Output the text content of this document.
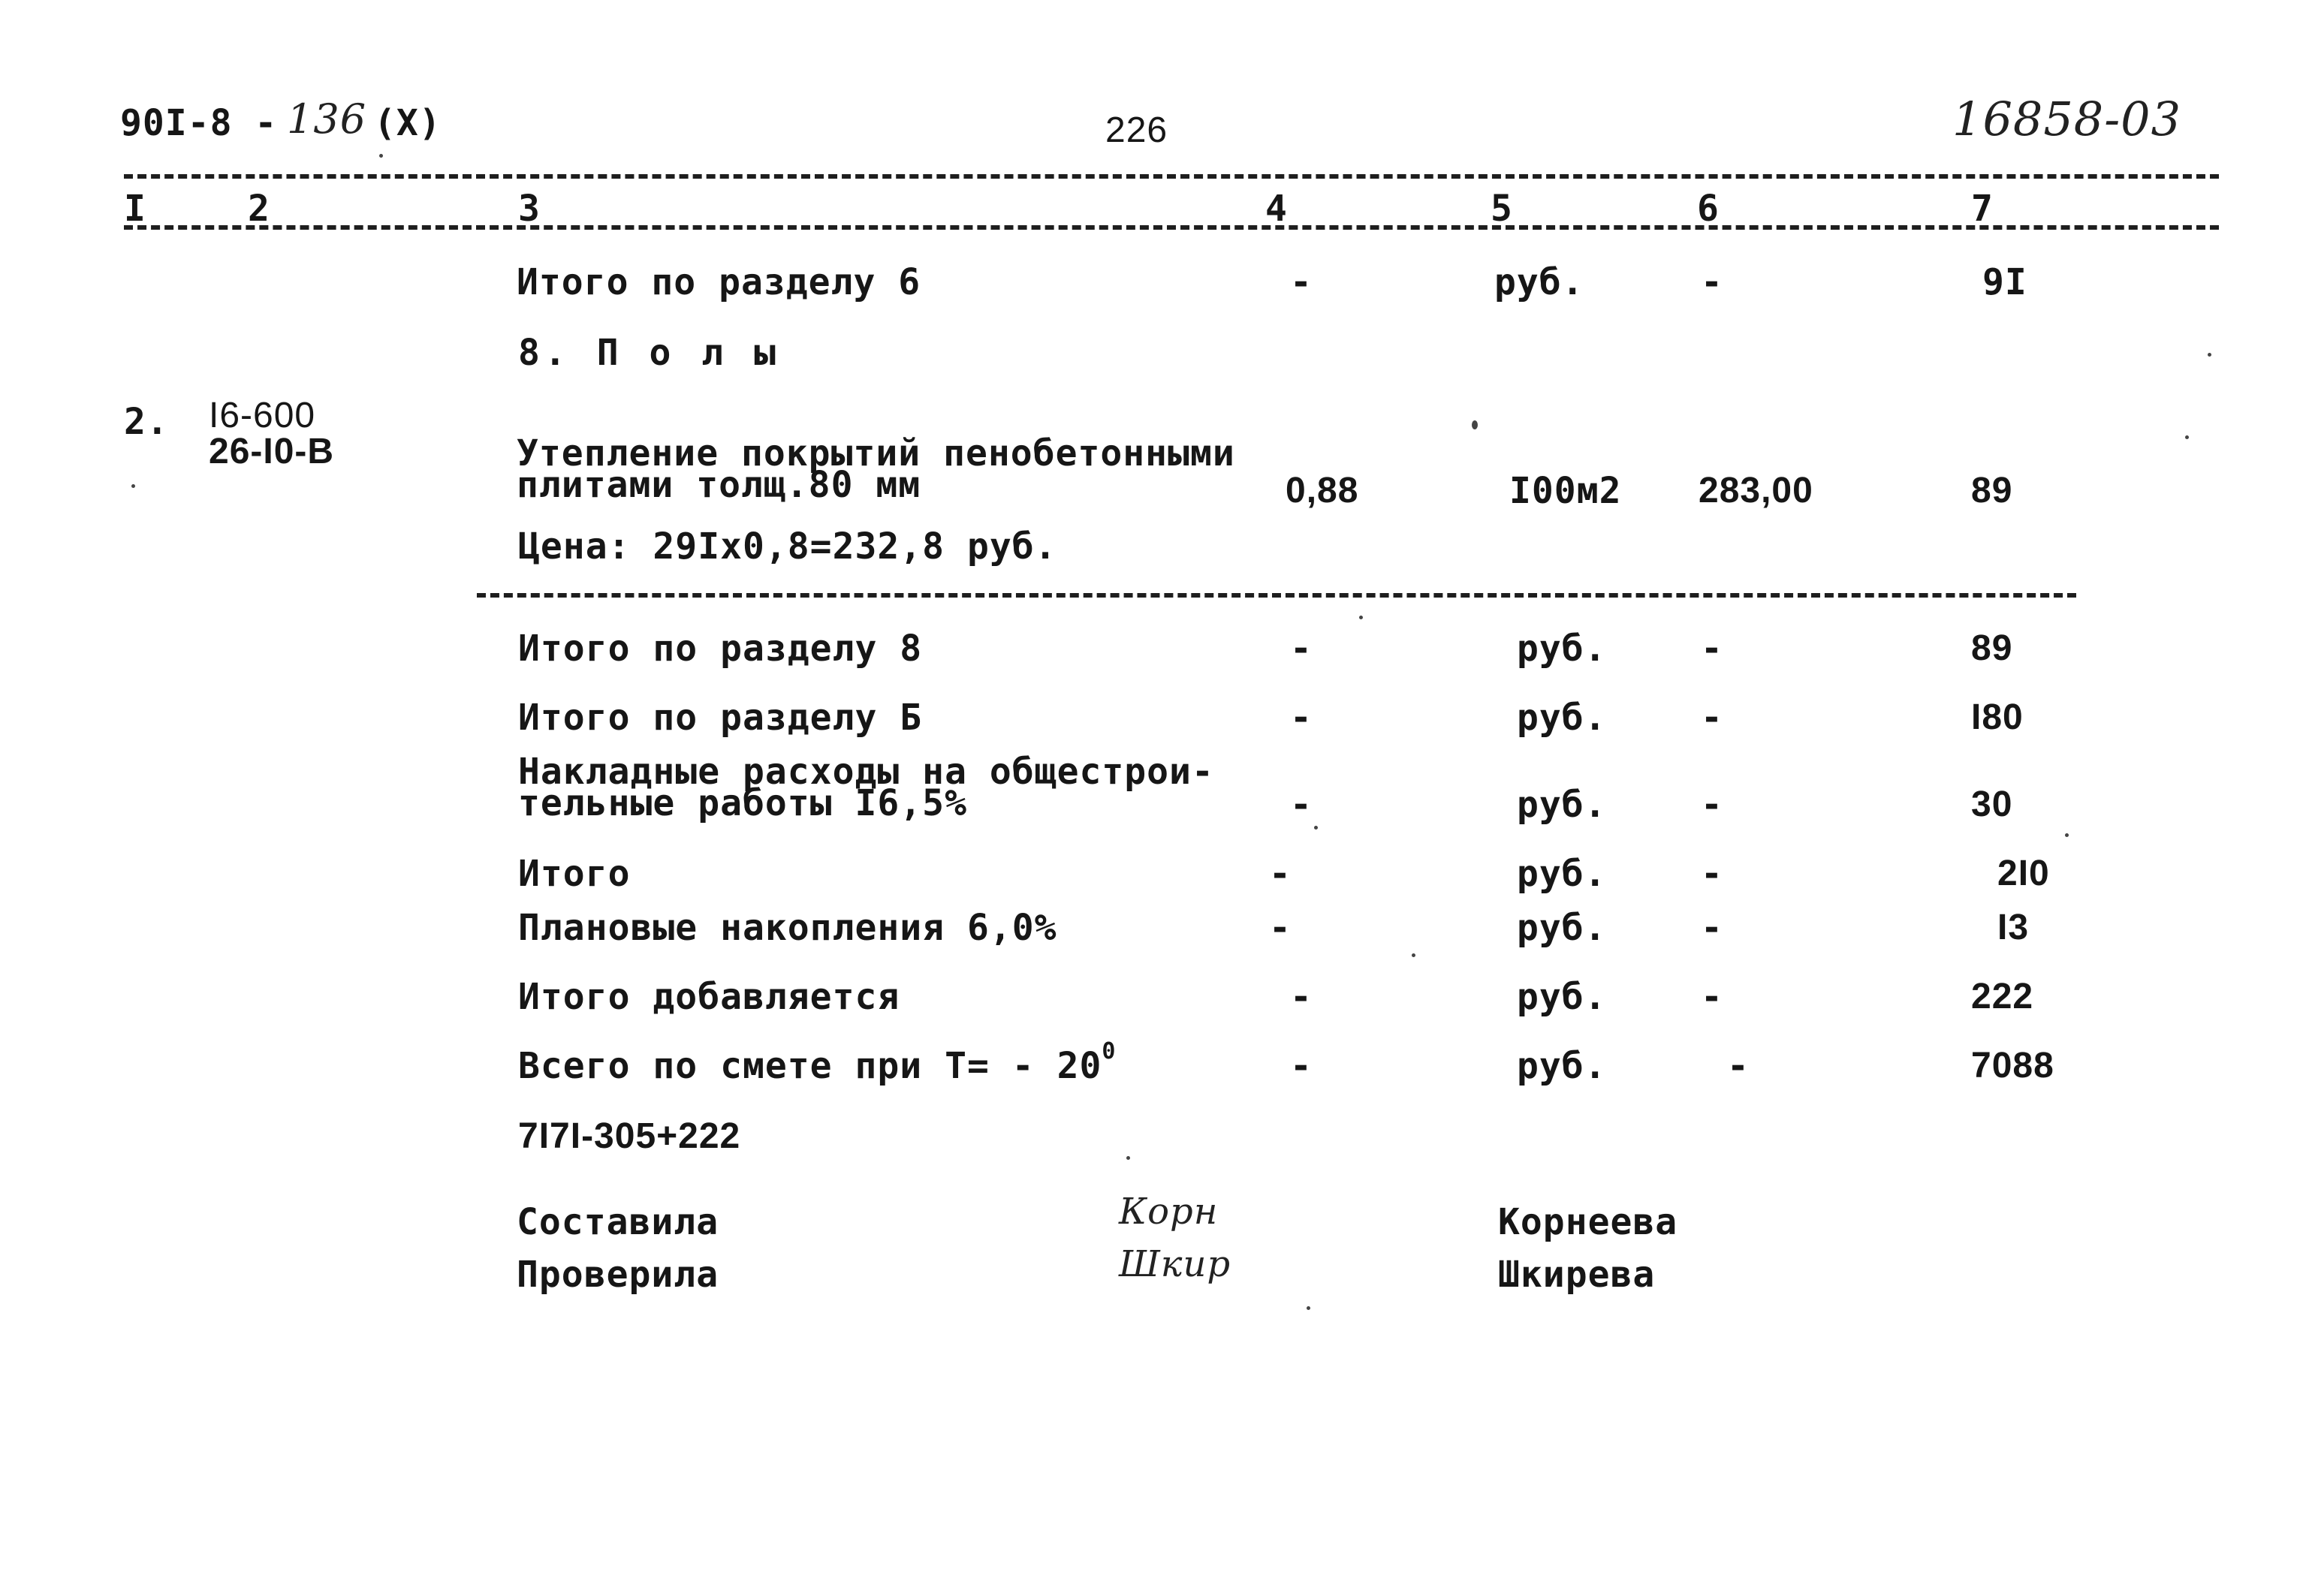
90I-8 - 136 (X)	226	16858-03
I	2	3	4	5	6	7
Итого по разделу 6	-	руб.	-	9I
8. П о л ы
2. I6-600
26-I0-B	Утепление покрытий пенобетонными
плитами толщ.80 мм	0,88	I00м2 283,00	89
Цена: 29Iх0,8=232,8 руб.
Итого по разделу 8	-	руб.	-	89
Итого по разделу Б	-	руб.	-	I80
Накладные расходы на общестрои-
тельные работы I6,5%	-	руб.	-	30
Итого	-	руб.	-	2I0
Плановые накопления 6,0%	-	руб.	-	I3
Итого добавляется	-	руб.	-	222
Всего по смете при $Т= - 20^0$	-	руб.	-	7088
7I7I-305+222
Составила	Корн	Корнеева
Проверила	Шкир	Шкирева
